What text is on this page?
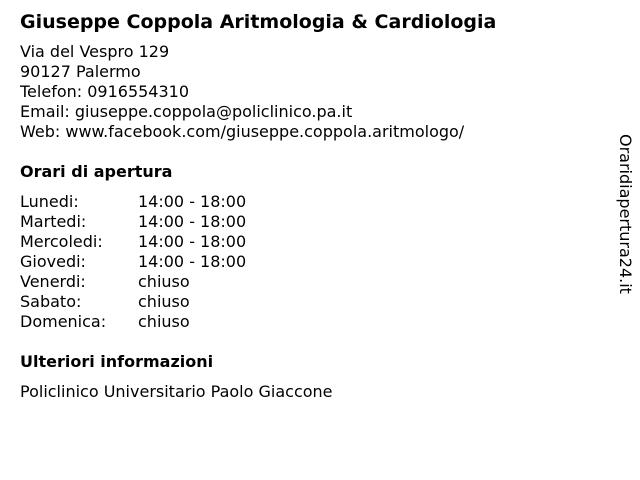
Giuseppe Coppola Aritmologia & Cardiologia
Via del Vespro 129
90127 Palermo
Telefon: 0916554310
Email: giuseppe.coppola@policlinico.pa.it
Web: www.facebook.com/giuseppe.coppola.aritmologo/
Orari di apertura
Lunedi:	14:00 - 18:00
Martedi:	14:00 - 18:00
Mercoledi:	14:00 - 18:00
Giovedi:	14:00 - 18:00
Venerdi:	chiuso
Sabato:	chiuso
Domenica:	chiuso
Ulteriori informazioni
Policlinico Universitario Paolo Giaccone
Oraridiapertura24.it
